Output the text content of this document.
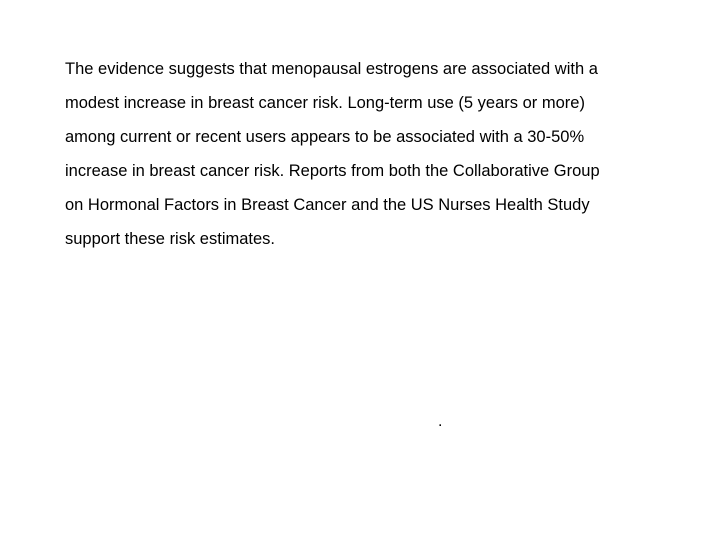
The evidence suggests that menopausal estrogens are associated with a
modest increase in breast cancer risk. Long-term use (5 years or more)
among current or recent users appears to be associated with a 30-50%
increase in breast cancer risk. Reports from both the Collaborative Group
on Hormonal Factors in Breast Cancer and the US Nurses Health Study
support these risk estimates.

.
